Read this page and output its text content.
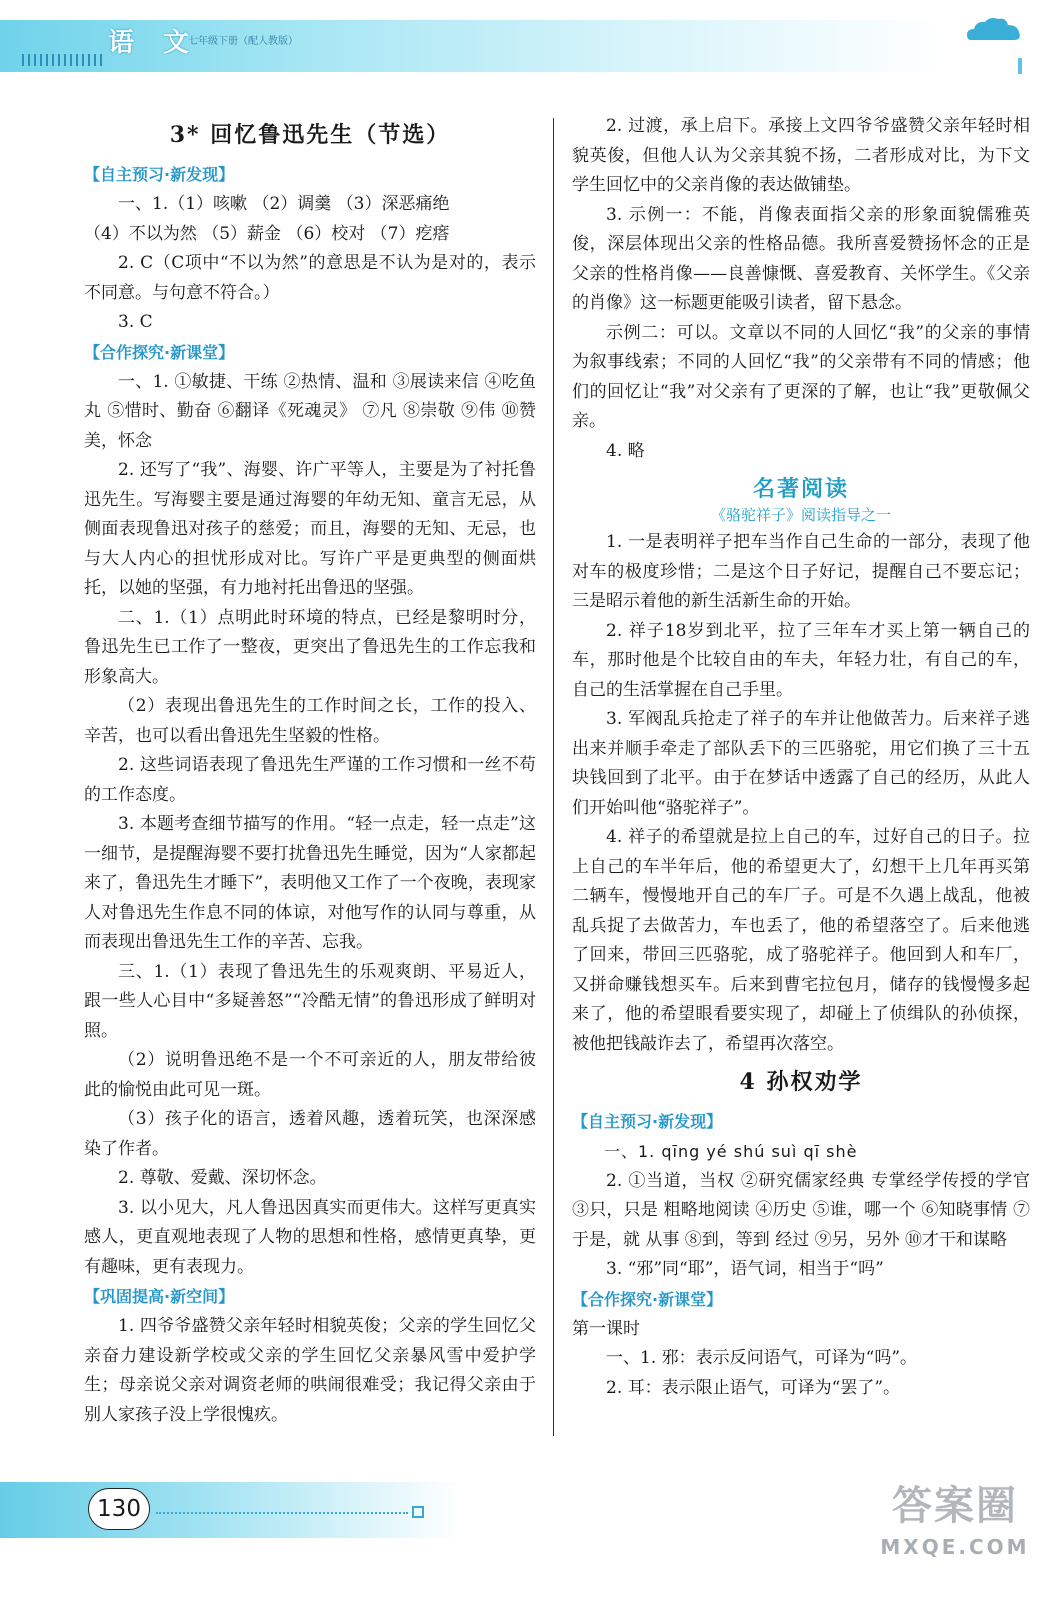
语 文
七年级下册（配人教版）
3* 回忆鲁迅先生（节选）
【自主预习·新发现】

一、1.（1）咳嗽 （2）调羹 （3）深恶痛绝

（4）不以为然 （5）薪金 （6）校对 （7）疙瘩

2. C（C项中“不以为然”的意思是不认为是对的，表示不同意。与句意不符合。）

3. C

【合作探究·新课堂】

一、1. ①敏捷、干练 ②热情、温和 ③展读来信 ④吃鱼丸 ⑤惜时、勤奋 ⑥翻译《死魂灵》 ⑦凡 ⑧崇敬 ⑨伟 ⑩赞美，怀念

2. 还写了“我”、海婴、许广平等人，主要是为了衬托鲁迅先生。写海婴主要是通过海婴的年幼无知、童言无忌，从侧面表现鲁迅对孩子的慈爱；而且，海婴的无知、无忌，也与大人内心的担忧形成对比。写许广平是更典型的侧面烘托，以她的坚强，有力地衬托出鲁迅的坚强。

二、1.（1）点明此时环境的特点，已经是黎明时分，鲁迅先生已工作了一整夜，更突出了鲁迅先生的工作忘我和形象高大。

（2）表现出鲁迅先生的工作时间之长，工作的投入、辛苦，也可以看出鲁迅先生坚毅的性格。

2. 这些词语表现了鲁迅先生严谨的工作习惯和一丝不苟的工作态度。

3. 本题考查细节描写的作用。“轻一点走，轻一点走”这一细节，是提醒海婴不要打扰鲁迅先生睡觉，因为“人家都起来了，鲁迅先生才睡下”，表明他又工作了一个夜晚，表现家人对鲁迅先生作息不同的体谅，对他写作的认同与尊重，从而表现出鲁迅先生工作的辛苦、忘我。

三、1.（1）表现了鲁迅先生的乐观爽朗、平易近人，跟一些人心目中“多疑善怒”“冷酷无情”的鲁迅形成了鲜明对照。

（2）说明鲁迅绝不是一个不可亲近的人，朋友带给彼此的愉悦由此可见一斑。

（3）孩子化的语言，透着风趣，透着玩笑，也深深感染了作者。

2. 尊敬、爱戴、深切怀念。

3. 以小见大，凡人鲁迅因真实而更伟大。这样写更真实感人，更直观地表现了人物的思想和性格，感情更真挚，更有趣味，更有表现力。

【巩固提高·新空间】

1. 四爷爷盛赞父亲年轻时相貌英俊；父亲的学生回忆父亲奋力建设新学校或父亲的学生回忆父亲暴风雪中爱护学生；母亲说父亲对调资老师的哄闹很难受；我记得父亲由于别人家孩子没上学很愧疚。

2. 过渡，承上启下。承接上文四爷爷盛赞父亲年轻时相貌英俊，但他人认为父亲其貌不扬，二者形成对比，为下文学生回忆中的父亲肖像的表达做铺垫。

3. 示例一：不能，肖像表面指父亲的形象面貌儒雅英俊，深层体现出父亲的性格品德。我所喜爱赞扬怀念的正是父亲的性格肖像——良善慷慨、喜爱教育、关怀学生。《父亲的肖像》这一标题更能吸引读者，留下悬念。

示例二：可以。文章以不同的人回忆“我”的父亲的事情为叙事线索；不同的人回忆“我”的父亲带有不同的情感；他们的回忆让“我”对父亲有了更深的了解，也让“我”更敬佩父亲。

4. 略

名著阅读
《骆驼祥子》阅读指导之一

1. 一是表明祥子把车当作自己生命的一部分，表现了他对车的极度珍惜；二是这个日子好记，提醒自己不要忘记；三是昭示着他的新生活新生命的开始。

2. 祥子18岁到北平，拉了三年车才买上第一辆自己的车，那时他是个比较自由的车夫，年轻力壮，有自己的车，自己的生活掌握在自己手里。

3. 军阀乱兵抢走了祥子的车并让他做苦力。后来祥子逃出来并顺手牵走了部队丢下的三匹骆驼，用它们换了三十五块钱回到了北平。由于在梦话中透露了自己的经历，从此人们开始叫他“骆驼祥子”。

4. 祥子的希望就是拉上自己的车，过好自己的日子。拉上自己的车半年后，他的希望更大了，幻想干上几年再买第二辆车，慢慢地开自己的车厂子。可是不久遇上战乱，他被乱兵捉了去做苦力，车也丢了，他的希望落空了。后来他逃了回来，带回三匹骆驼，成了骆驼祥子。他回到人和车厂，又拼命赚钱想买车。后来到曹宅拉包月，储存的钱慢慢多起来了，他的希望眼看要实现了，却碰上了侦缉队的孙侦探，被他把钱敲诈去了，希望再次落空。

4 孙权劝学
【自主预习·新发现】

一、1. qīng yé shú suì qī shè

2. ①当道，当权 ②研究儒家经典 专掌经学传授的学官 ③只，只是 粗略地阅读 ④历史 ⑤谁，哪一个 ⑥知晓事情 ⑦于是，就 从事 ⑧到，等到 经过 ⑨另，另外 ⑩才干和谋略

3. “邪”同“耶”，语气词，相当于“吗”

【合作探究·新课堂】

第一课时

一、1. 邪：表示反问语气，可译为“吗”。

2. 耳：表示限止语气，可译为“罢了”。

130	答案圈
MXQE.COM
